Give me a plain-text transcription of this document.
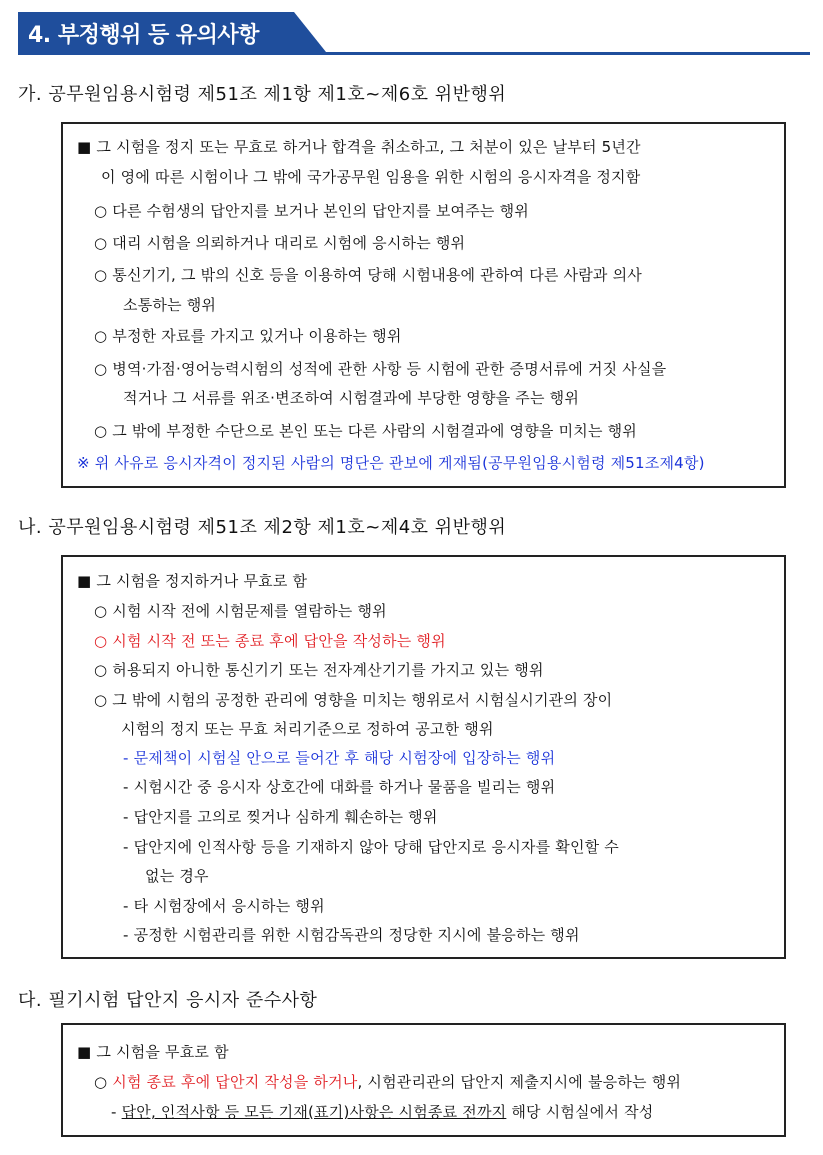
4. 부정행위 등 유의사항
가. 공무원임용시험령 제51조 제1항 제1호~제6호 위반행위
■ 그 시험을 정지 또는 무효로 하거나 합격을 취소하고, 그 처분이 있은 날부터 5년간
이 영에 따른 시험이나 그 밖에 국가공무원 임용을 위한 시험의 응시자격을 정지함
○ 다른 수험생의 답안지를 보거나 본인의 답안지를 보여주는 행위
○ 대리 시험을 의뢰하거나 대리로 시험에 응시하는 행위
○ 통신기기, 그 밖의 신호 등을 이용하여 당해 시험내용에 관하여 다른 사람과 의사
소통하는 행위
○ 부정한 자료를 가지고 있거나 이용하는 행위
○ 병역·가점·영어능력시험의 성적에 관한 사항 등 시험에 관한 증명서류에 거짓 사실을
적거나 그 서류를 위조·변조하여 시험결과에 부당한 영향을 주는 행위
○ 그 밖에 부정한 수단으로 본인 또는 다른 사람의 시험결과에 영향을 미치는 행위
※ 위 사유로 응시자격이 정지된 사람의 명단은 관보에 게재됨(공무원임용시험령 제51조제4항)
나. 공무원임용시험령 제51조 제2항 제1호~제4호 위반행위
■ 그 시험을 정지하거나 무효로 함
○ 시험 시작 전에 시험문제를 열람하는 행위
○ 시험 시작 전 또는 종료 후에 답안을 작성하는 행위
○ 허용되지 아니한 통신기기 또는 전자계산기기를 가지고 있는 행위
○ 그 밖에 시험의 공정한 관리에 영향을 미치는 행위로서 시험실시기관의 장이
시험의 정지 또는 무효 처리기준으로 정하여 공고한 행위
- 문제책이 시험실 안으로 들어간 후 해당 시험장에 입장하는 행위
- 시험시간 중 응시자 상호간에 대화를 하거나 물품을 빌리는 행위
- 답안지를 고의로 찢거나 심하게 훼손하는 행위
- 답안지에 인적사항 등을 기재하지 않아 당해 답안지로 응시자를 확인할 수
없는 경우
- 타 시험장에서 응시하는 행위
- 공정한 시험관리를 위한 시험감독관의 정당한 지시에 불응하는 행위
다. 필기시험 답안지 응시자 준수사항
■ 그 시험을 무효로 함
○ 시험 종료 후에 답안지 작성을 하거나, 시험관리관의 답안지 제출지시에 불응하는 행위
- 답안, 인적사항 등 모든 기재(표기)사항은 시험종료 전까지 해당 시험실에서 작성
